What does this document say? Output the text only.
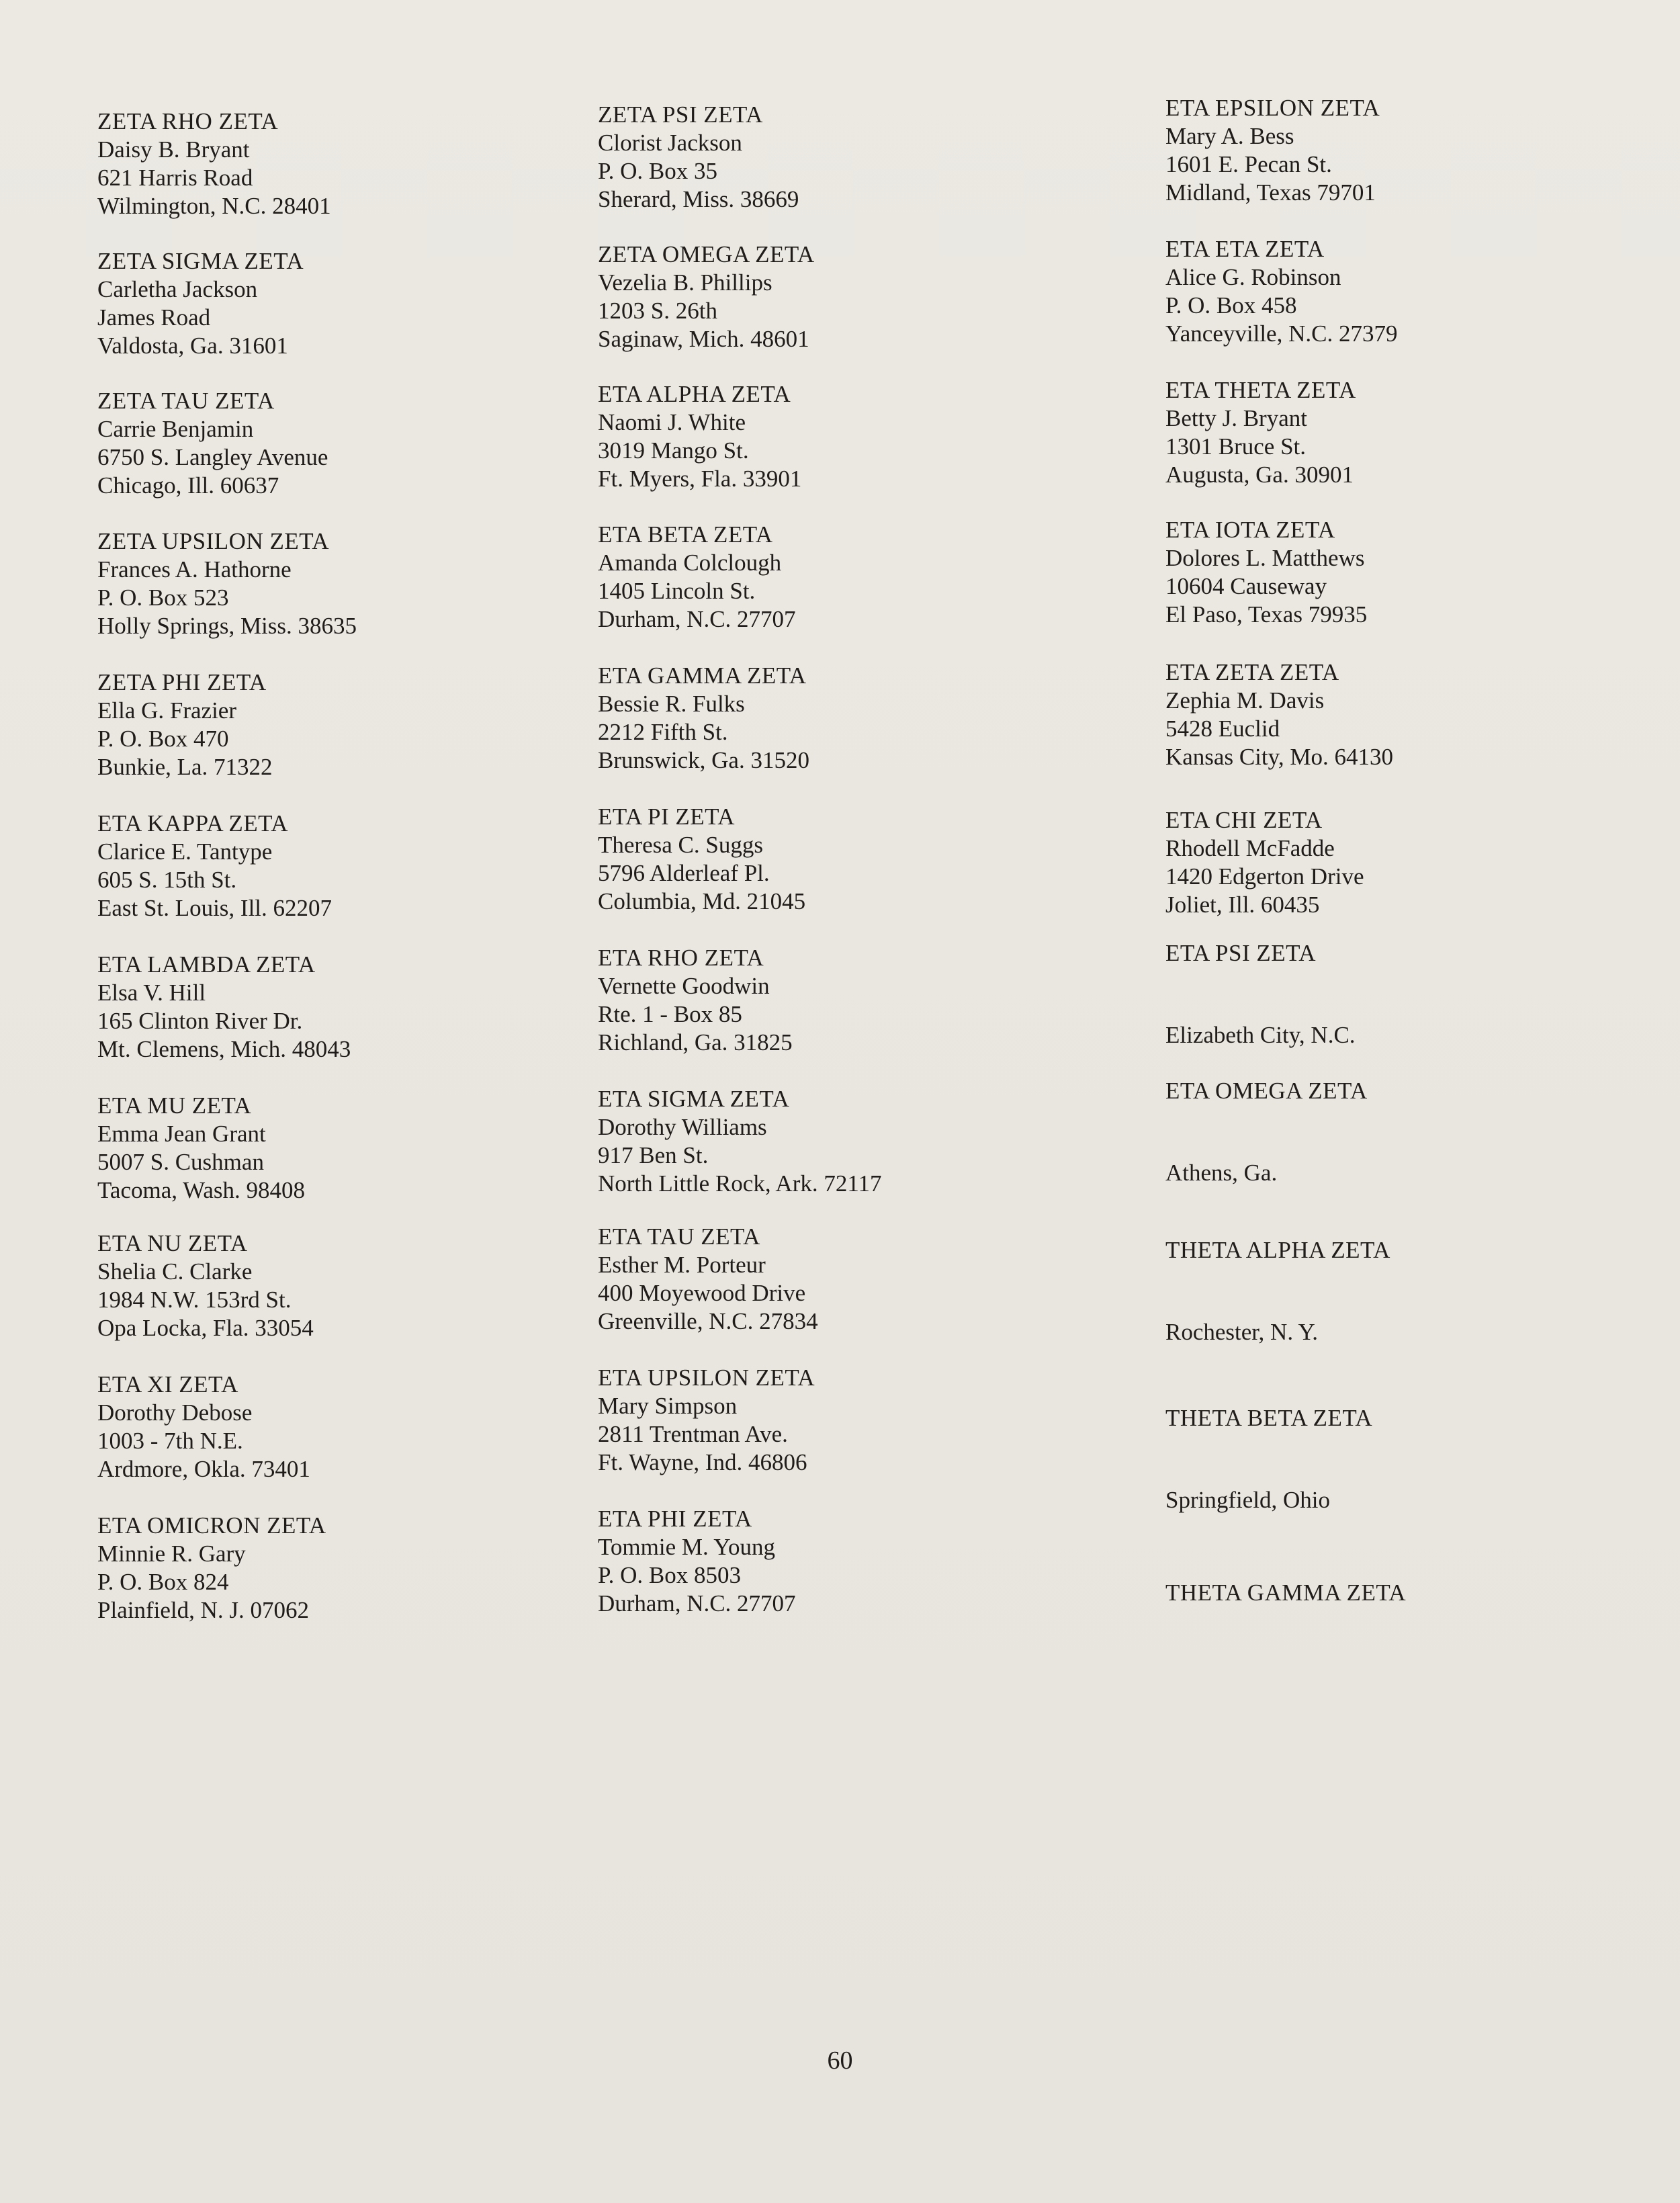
ZETA RHO ZETA
Daisy B. Bryant
621 Harris Road
Wilmington, N.C. 28401
ZETA SIGMA ZETA
Carletha Jackson
James Road
Valdosta, Ga. 31601
ZETA TAU ZETA
Carrie Benjamin
6750 S. Langley Avenue
Chicago, Ill. 60637
ZETA UPSILON ZETA
Frances A. Hathorne
P. O. Box 523
Holly Springs, Miss. 38635
ZETA PHI ZETA
Ella G. Frazier
P. O. Box 470
Bunkie, La. 71322
ETA KAPPA ZETA
Clarice E. Tantype
605 S. 15th St.
East St. Louis, Ill. 62207
ETA LAMBDA ZETA
Elsa V. Hill
165 Clinton River Dr.
Mt. Clemens, Mich. 48043
ETA MU ZETA
Emma Jean Grant
5007 S. Cushman
Tacoma, Wash. 98408
ETA NU ZETA
Shelia C. Clarke
1984 N.W. 153rd St.
Opa Locka, Fla. 33054
ETA XI ZETA
Dorothy Debose
1003 - 7th N.E.
Ardmore, Okla. 73401
ETA OMICRON ZETA
Minnie R. Gary
P. O. Box 824
Plainfield, N. J. 07062
ZETA PSI ZETA
Clorist Jackson
P. O. Box 35
Sherard, Miss. 38669
ZETA OMEGA ZETA
Vezelia B. Phillips
1203 S. 26th
Saginaw, Mich. 48601
ETA ALPHA ZETA
Naomi J. White
3019 Mango St.
Ft. Myers, Fla. 33901
ETA BETA ZETA
Amanda Colclough
1405 Lincoln St.
Durham, N.C. 27707
ETA GAMMA ZETA
Bessie R. Fulks
2212 Fifth St.
Brunswick, Ga. 31520
ETA PI ZETA
Theresa C. Suggs
5796 Alderleaf Pl.
Columbia, Md. 21045
ETA RHO ZETA
Vernette Goodwin
Rte. 1 - Box 85
Richland, Ga. 31825
ETA SIGMA ZETA
Dorothy Williams
917 Ben St.
North Little Rock, Ark. 72117
ETA TAU ZETA
Esther M. Porteur
400 Moyewood Drive
Greenville, N.C. 27834
ETA UPSILON ZETA
Mary Simpson
2811 Trentman Ave.
Ft. Wayne, Ind. 46806
ETA PHI ZETA
Tommie M. Young
P. O. Box 8503
Durham, N.C. 27707
ETA EPSILON ZETA
Mary A. Bess
1601 E. Pecan St.
Midland, Texas 79701
ETA ETA ZETA
Alice G. Robinson
P. O. Box 458
Yanceyville, N.C. 27379
ETA THETA ZETA
Betty J. Bryant
1301 Bruce St.
Augusta, Ga. 30901
ETA IOTA ZETA
Dolores L. Matthews
10604 Causeway
El Paso, Texas 79935
ETA ZETA ZETA
Zephia M. Davis
5428 Euclid
Kansas City, Mo. 64130
ETA CHI ZETA
Rhodell McFadde
1420 Edgerton Drive
Joliet, Ill. 60435
ETA PSI ZETA
Elizabeth City, N.C.
ETA OMEGA ZETA
Athens, Ga.
THETA ALPHA ZETA
Rochester, N. Y.
THETA BETA ZETA
Springfield, Ohio
THETA GAMMA ZETA
60
